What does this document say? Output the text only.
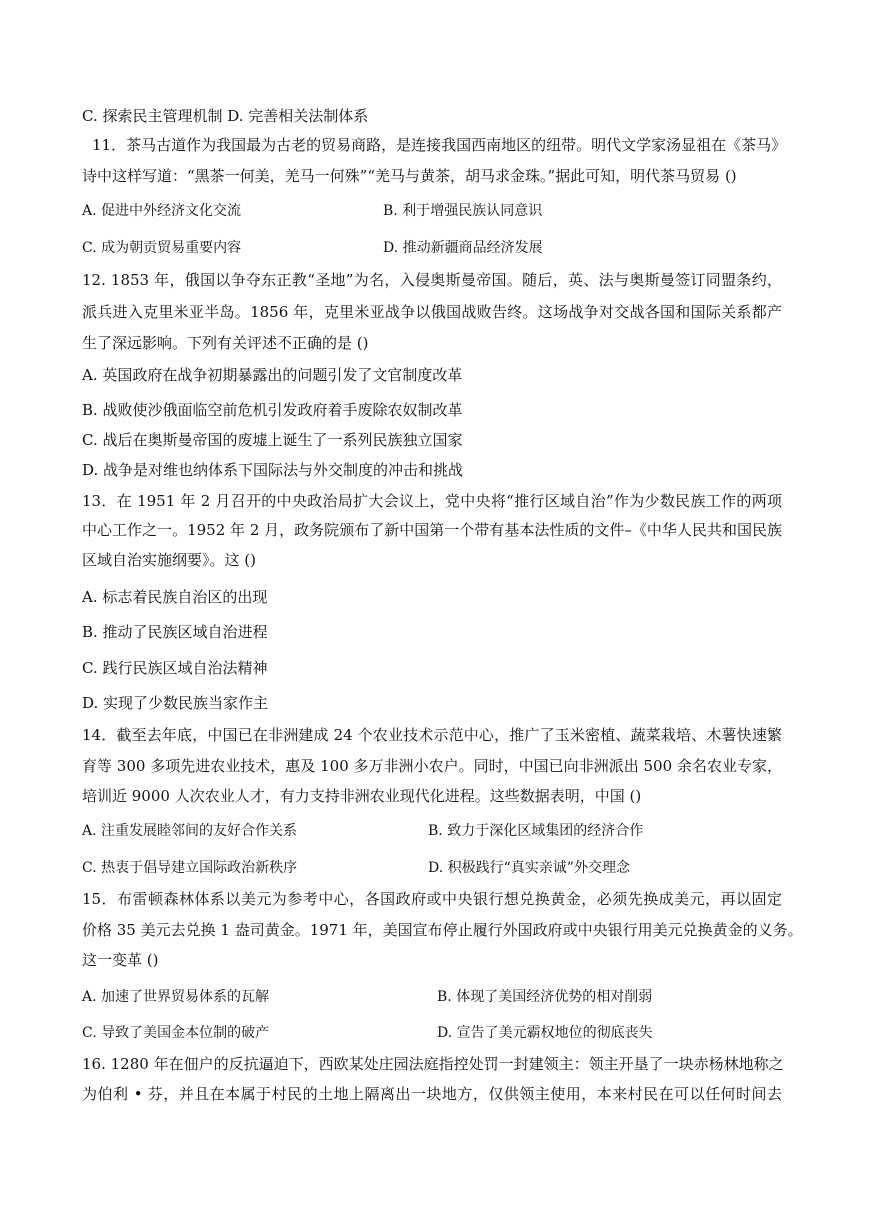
C. 探索民主管理机制 D. 完善相关法制体系
11．茶马古道作为我国最为古老的贸易商路，是连接我国西南地区的纽带。明代文学家汤显祖在《茶马》
诗中这样写道：“黑茶一何美，羌马一何殊”“羌马与黄茶，胡马求金珠。”据此可知，明代茶马贸易 ()
A. 促进中外经济文化交流	B. 利于增强民族认同意识
C. 成为朝贡贸易重要内容	D. 推动新疆商品经济发展
12. 1853 年，俄国以争夺东正教“圣地”为名，入侵奥斯曼帝国。随后，英、法与奥斯曼签订同盟条约，
派兵进入克里米亚半岛。1856 年，克里米亚战争以俄国战败告终。这场战争对交战各国和国际关系都产
生了深远影响。下列有关评述不正确的是 ()
A. 英国政府在战争初期暴露出的问题引发了文官制度改革
B. 战败使沙俄面临空前危机引发政府着手废除农奴制改革
C. 战后在奥斯曼帝国的废墟上诞生了一系列民族独立国家
D. 战争是对维也纳体系下国际法与外交制度的冲击和挑战
13．在 1951 年 2 月召开的中央政治局扩大会议上，党中央将“推行区域自治”作为少数民族工作的两项
中心工作之一。1952 年 2 月，政务院颁布了新中国第一个带有基本法性质的文件–《中华人民共和国民族
区域自治实施纲要》。这 ()
A. 标志着民族自治区的出现
B. 推动了民族区域自治进程
C. 践行民族区域自治法精神
D. 实现了少数民族当家作主
14．截至去年底，中国已在非洲建成 24 个农业技术示范中心，推广了玉米密植、蔬菜栽培、木薯快速繁
育等 300 多项先进农业技术，惠及 100 多万非洲小农户。同时，中国已向非洲派出 500 余名农业专家，
培训近 9000 人次农业人才，有力支持非洲农业现代化进程。这些数据表明，中国 ()
A. 注重发展睦邻间的友好合作关系	B. 致力于深化区域集团的经济合作
C. 热衷于倡导建立国际政治新秩序	D. 积极践行“真实亲诚”外交理念
15．布雷顿森林体系以美元为参考中心，各国政府或中央银行想兑换黄金，必须先换成美元，再以固定
价格 35 美元去兑换 1 盎司黄金。1971 年，美国宣布停止履行外国政府或中央银行用美元兑换黄金的义务。
这一变革 ()
A. 加速了世界贸易体系的瓦解	B. 体现了美国经济优势的相对削弱
C. 导致了美国金本位制的破产	D. 宣告了美元霸权地位的彻底丧失
16. 1280 年在佃户的反抗逼迫下，西欧某处庄园法庭指控处罚一封建领主：领主开垦了一块赤杨林地称之
为伯利 • 芬，并且在本属于村民的土地上隔离出一块地方，仅供领主使用，本来村民在可以任何时间去
